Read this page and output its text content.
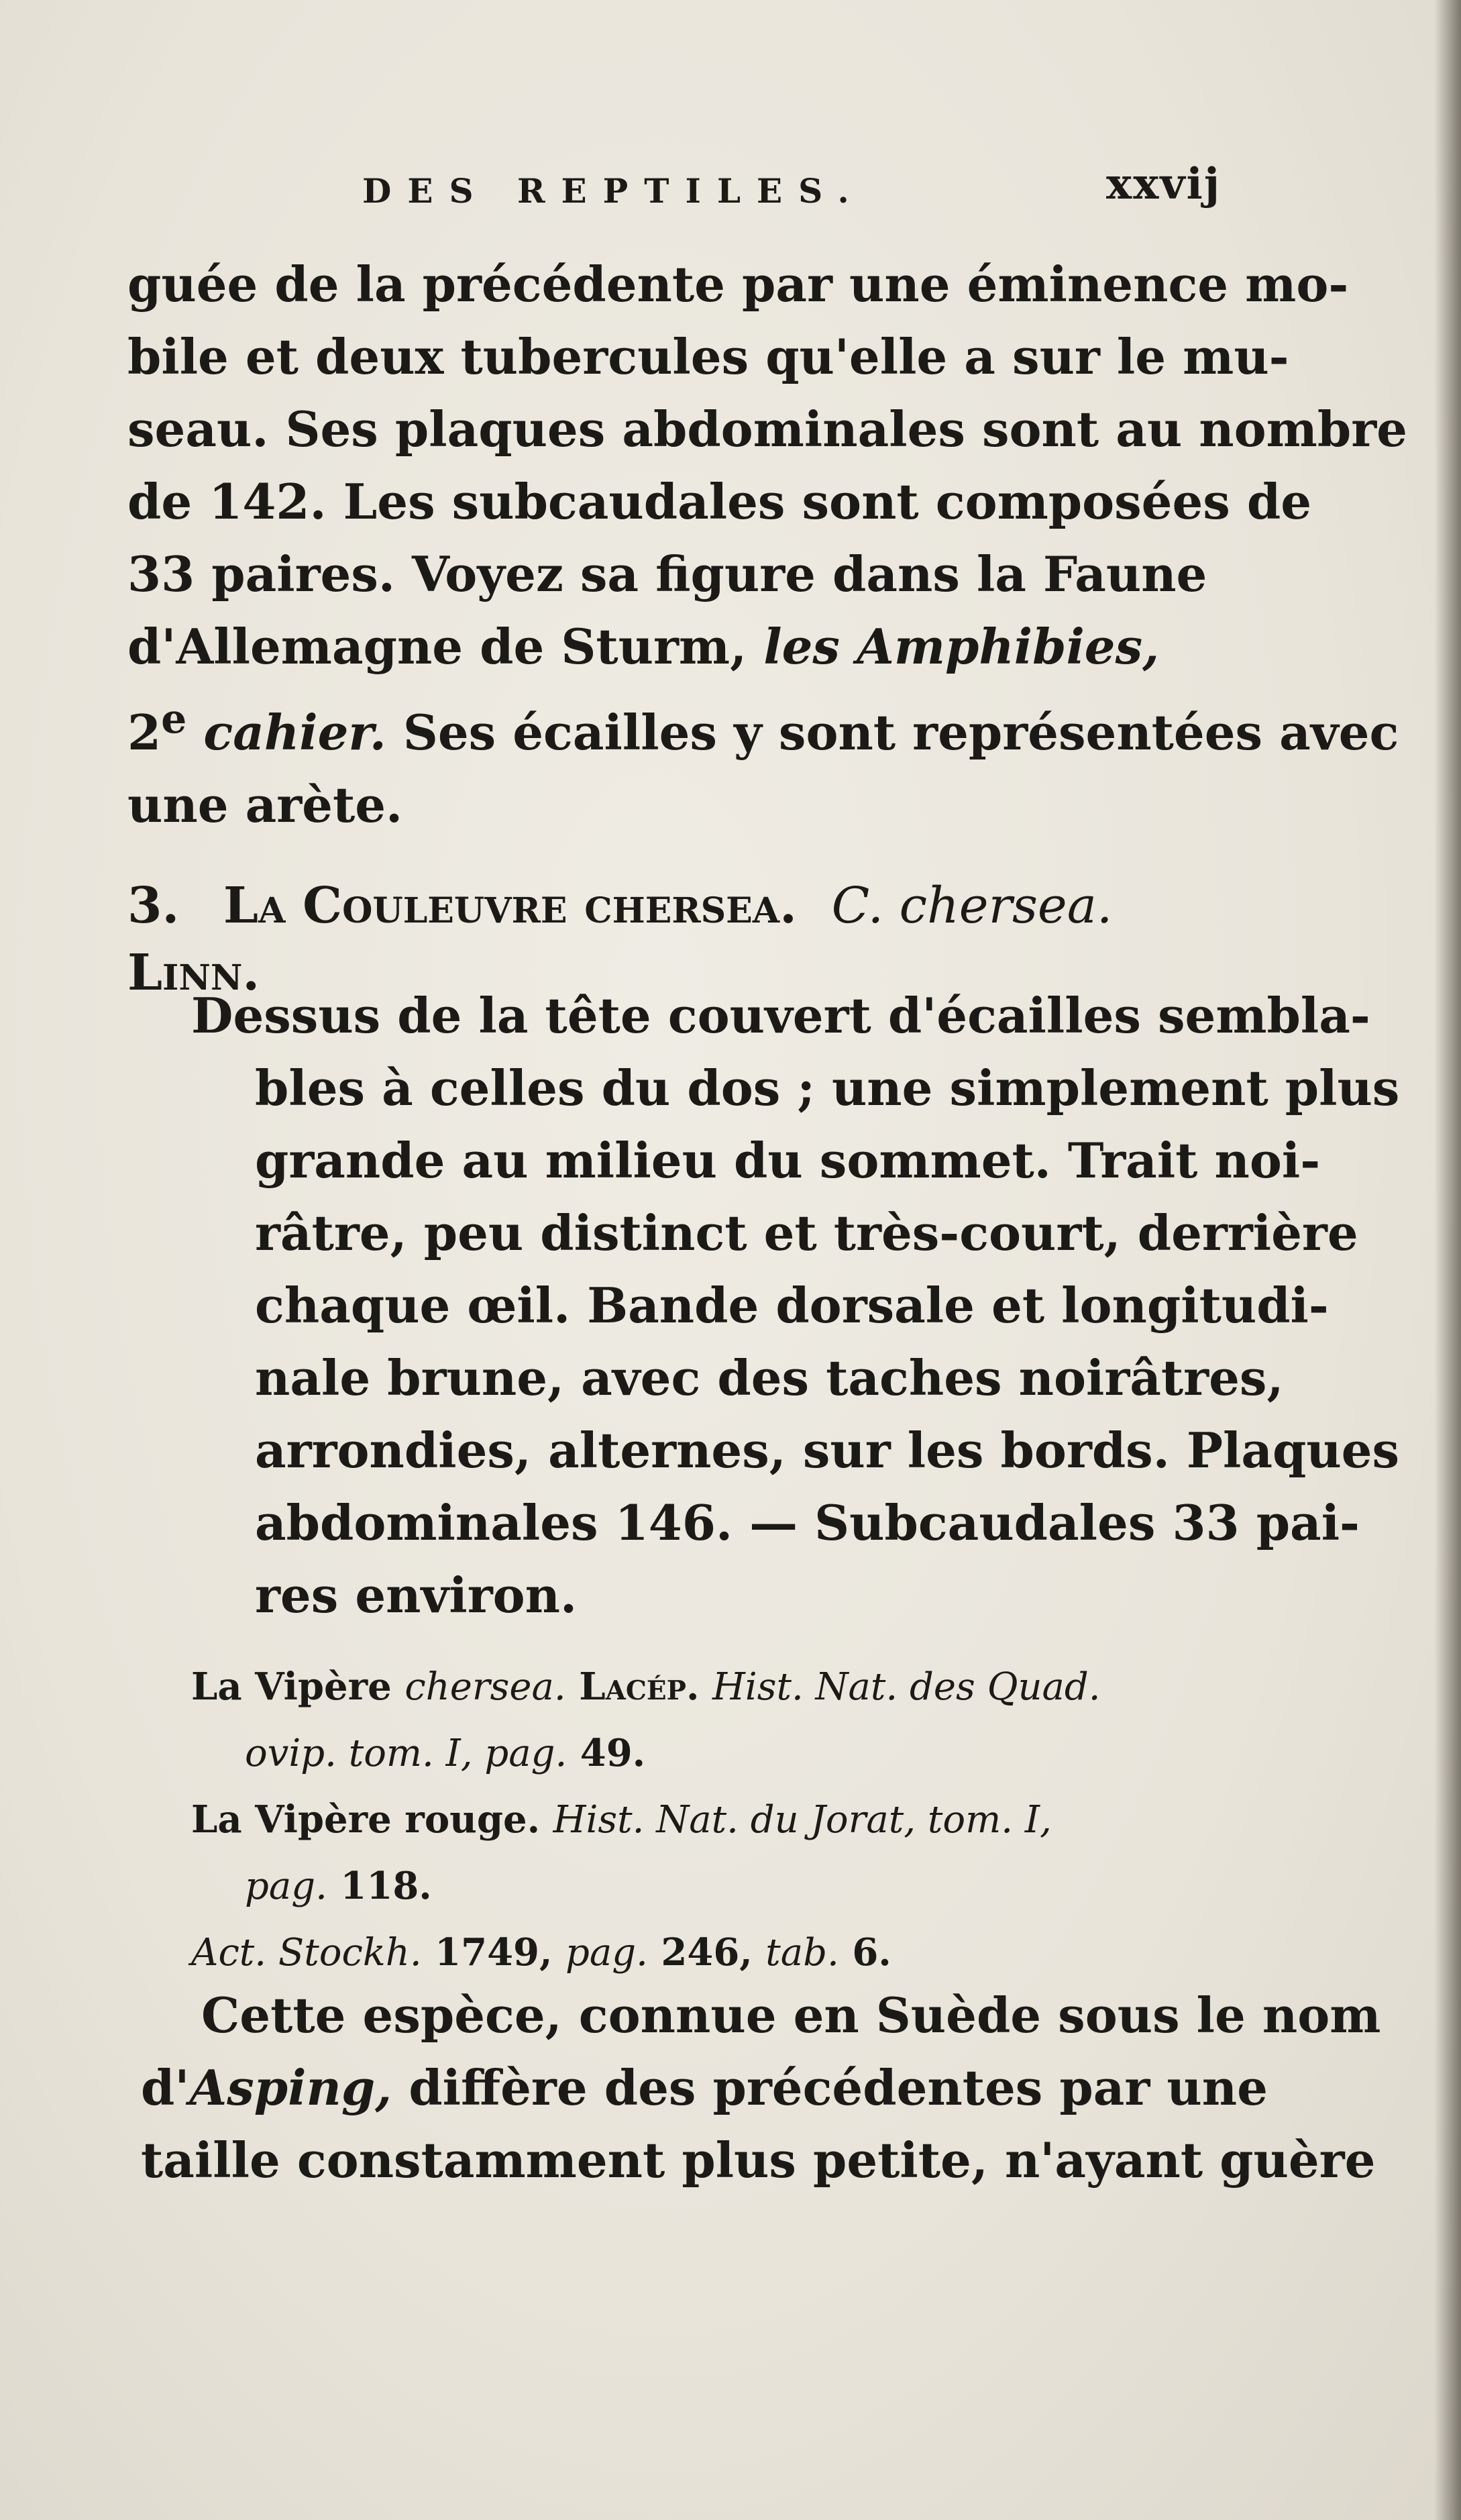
DES REPTILES.	xxvij
guée de la précédente par une éminence mo-
bile et deux tubercules qu'elle a sur le mu-
seau. Ses plaques abdominales sont au nombre
de 142. Les subcaudales sont composées de
33 paires. Voyez sa figure dans la Faune
d'Allemagne de Sturm, les Amphibies,
2e cahier. Ses écailles y sont représentées avec
une arète.
3. La Couleuvre chersea. C. chersea. Linn.
Dessus de la tête couvert d'écailles sembla-
bles à celles du dos ; une simplement plus
grande au milieu du sommet. Trait noi-
râtre, peu distinct et très-court, derrière
chaque œil. Bande dorsale et longitudi-
nale brune, avec des taches noirâtres,
arrondies, alternes, sur les bords. Plaques
abdominales 146. — Subcaudales 33 pai-
res environ.
La Vipère chersea. Lacép. Hist. Nat. des Quad.
ovip. tom. I, pag. 49.
La Vipère rouge. Hist. Nat. du Jorat, tom. I,
pag. 118.
Act. Stockh. 1749, pag. 246, tab. 6.
Cette espèce, connue en Suède sous le nom
d'Asping, diffère des précédentes par une
taille constamment plus petite, n'ayant guère
